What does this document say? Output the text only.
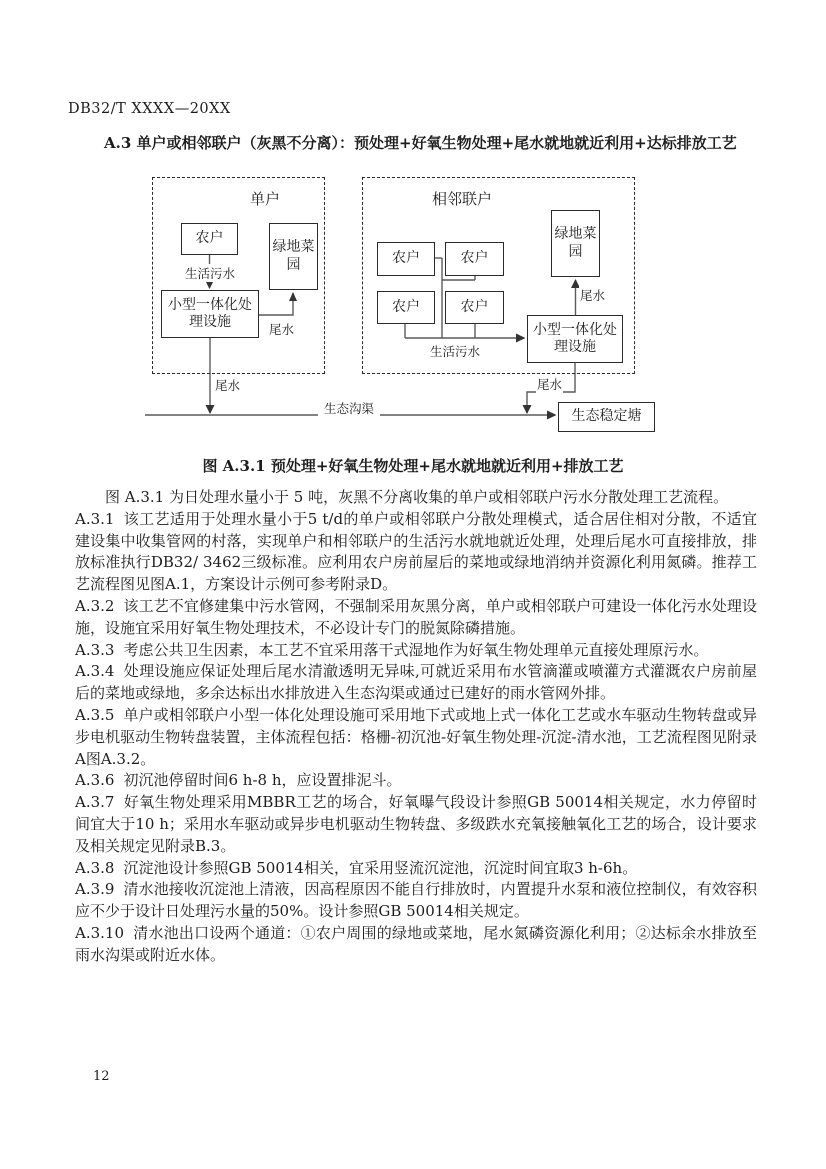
DB32/T XXXX—20XX
A.3 单户或相邻联户（灰黑不分离）：预处理+好氧生物处理+尾水就地就近利用+达标排放工艺
单户
农户
绿地菜园
小型一体化处理设施
生活污水
尾水
尾水
相邻联户
农户	农户
农户	农户
绿地菜园
小型一体化处理设施
生活污水
尾水
尾水
生态沟渠	生态稳定塘
图 A.3.1 预处理+好氧生物处理+尾水就地就近利用+排放工艺

图 A.3.1 为日处理水量小于 5 吨，灰黑不分离收集的单户或相邻联户污水分散处理工艺流程。

A.3.1 该工艺适用于处理水量小于5 t/d的单户或相邻联户分散处理模式，适合居住相对分散，不适宜建设集中收集管网的村落，实现单户和相邻联户的生活污水就地就近处理，处理后尾水可直接排放，排放标准执行DB32/ 3462三级标准。应利用农户房前屋后的菜地或绿地消纳并资源化利用氮磷。推荐工艺流程图见图A.1，方案设计示例可参考附录D。

A.3.2 该工艺不宜修建集中污水管网，不强制采用灰黑分离，单户或相邻联户可建设一体化污水处理设施，设施宜采用好氧生物处理技术，不必设计专门的脱氮除磷措施。

A.3.3 考虑公共卫生因素，本工艺不宜采用落干式湿地作为好氧生物处理单元直接处理原污水。

A.3.4 处理设施应保证处理后尾水清澈透明无异味,可就近采用布水管滴灌或喷灌方式灌溉农户房前屋后的菜地或绿地，多余达标出水排放进入生态沟渠或通过已建好的雨水管网外排。

A.3.5 单户或相邻联户小型一体化处理设施可采用地下式或地上式一体化工艺或水车驱动生物转盘或异步电机驱动生物转盘装置，主体流程包括：格栅-初沉池-好氧生物处理-沉淀-清水池，工艺流程图见附录A图A.3.2。

A.3.6 初沉池停留时间6 h-8 h，应设置排泥斗。

A.3.7 好氧生物处理采用MBBR工艺的场合，好氧曝气段设计参照GB 50014相关规定，水力停留时间宜大于10 h；采用水车驱动或异步电机驱动生物转盘、多级跌水充氧接触氧化工艺的场合，设计要求及相关规定见附录B.3。

A.3.8 沉淀池设计参照GB 50014相关，宜采用竖流沉淀池，沉淀时间宜取3 h-6h。

A.3.9 清水池接收沉淀池上清液，因高程原因不能自行排放时，内置提升水泵和液位控制仪，有效容积应不少于设计日处理污水量的50%。设计参照GB 50014相关规定。

A.3.10 清水池出口设两个通道：①农户周围的绿地或菜地，尾水氮磷资源化利用；②达标余水排放至雨水沟渠或附近水体。

12
